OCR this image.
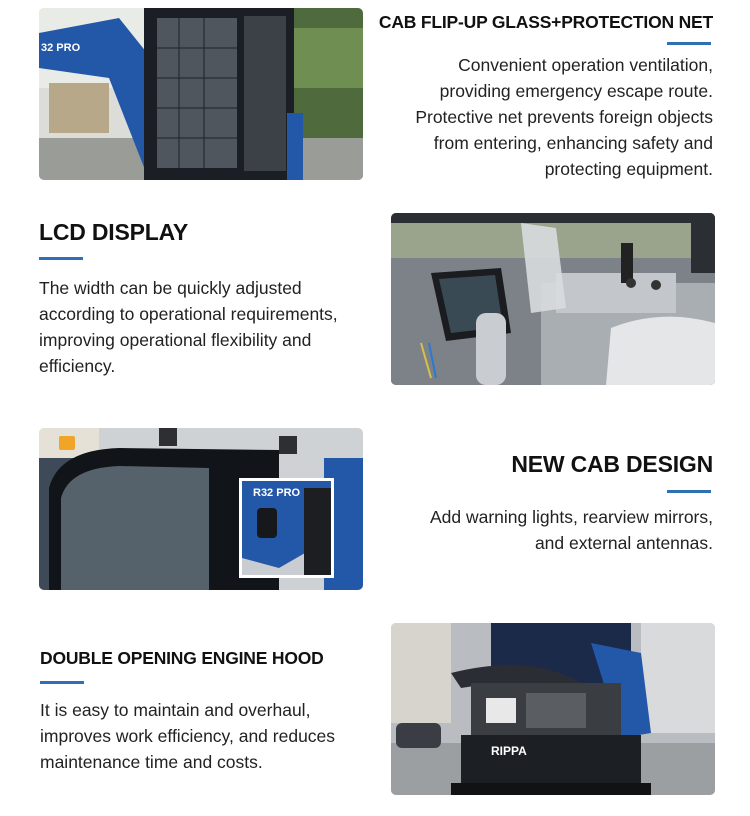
32 PRO
CAB FLIP-UP GLASS+PROTECTION NET
Convenient operation ventilation,
providing emergency escape route.
Protective net prevents foreign objects
from entering, enhancing safety and
protecting equipment.
LCD DISPLAY
The width can be quickly adjusted
according to operational requirements,
improving operational flexibility and
efficiency.
R32 PRO
NEW CAB DESIGN
Add warning lights, rearview mirrors,
and external antennas.
DOUBLE OPENING ENGINE HOOD
It is easy to maintain and overhaul,
improves work efficiency, and reduces
maintenance time and costs.
RIPPA
